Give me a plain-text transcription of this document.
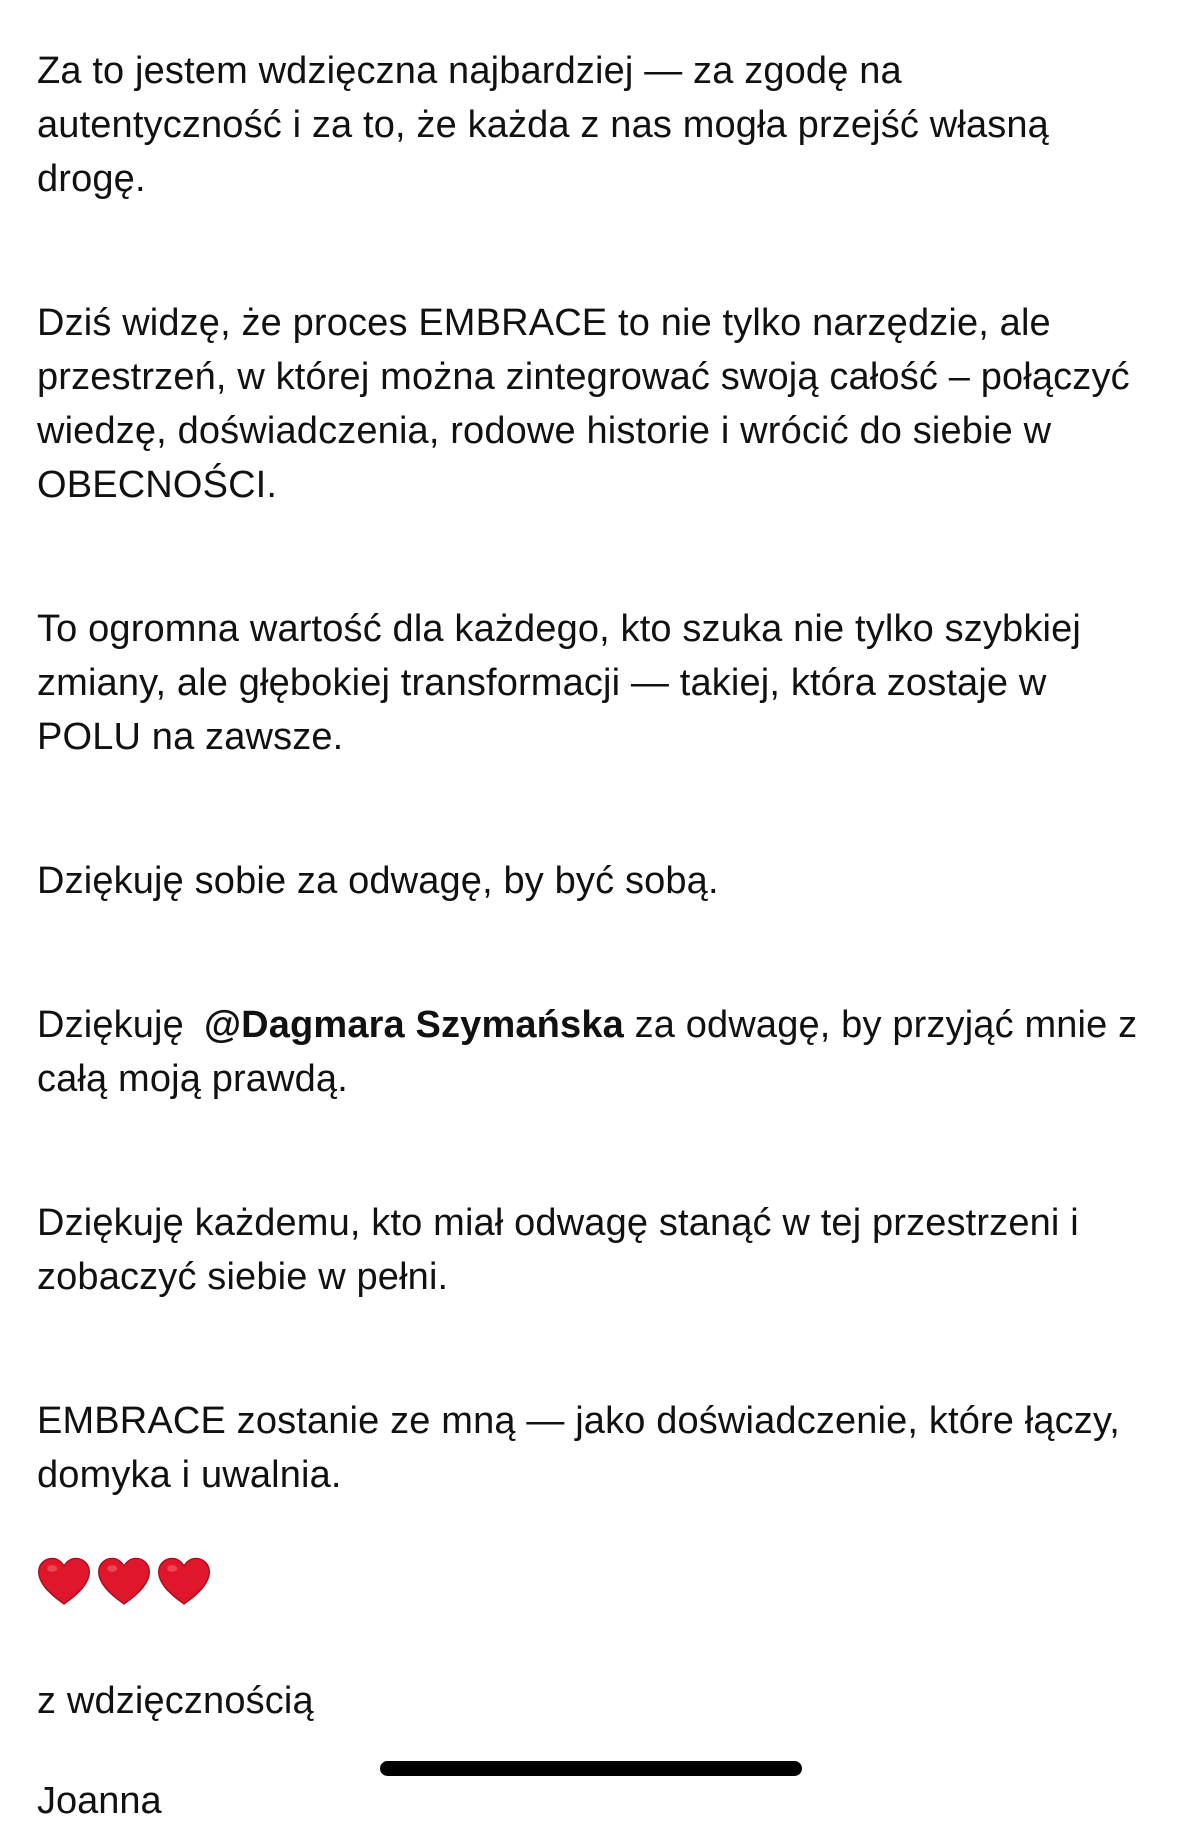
Za to jestem wdzięczna najbardziej — za zgodę na autentyczność i za to, że każda z nas mogła przejść własną drogę.

Dziś widzę, że proces EMBRACE to nie tylko narzędzie, ale przestrzeń, w której można zintegrować swoją całość – połączyć wiedzę, doświadczenia, rodowe historie i wrócić do siebie w OBECNOŚCI.

To ogromna wartość dla każdego, kto szuka nie tylko szybkiej zmiany, ale głębokiej transformacji — takiej, która zostaje w POLU na zawsze.

Dziękuję sobie za odwagę, by być sobą.

Dziękuję @Dagmara Szymańska za odwagę, by przyjąć mnie z całą moją prawdą.

Dziękuję każdemu, kto miał odwagę stanąć w tej przestrzeni i zobaczyć siebie w pełni.

EMBRACE zostanie ze mną — jako doświadczenie, które łączy, domyka i uwalnia.

z wdzięcznością

Joanna
